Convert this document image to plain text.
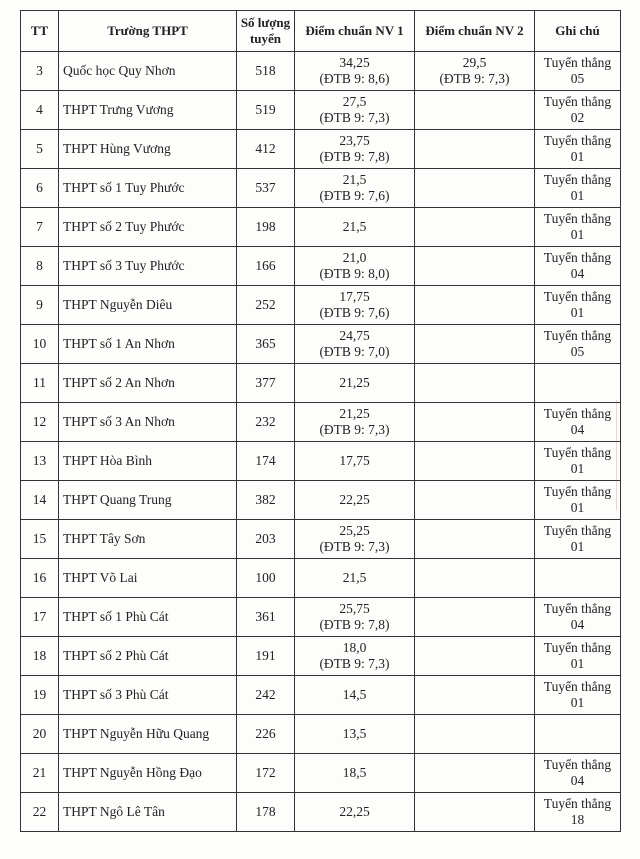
TT	Trường THPT	Số lượng
tuyển	Điểm chuẩn NV 1	Điểm chuẩn NV 2	Ghi chú

3	Quốc học Quy Nhơn	518	34,25
(ĐTB 9: 8,6)	29,5
(ĐTB 9: 7,3)	Tuyển thẳng
05

4	THPT Trưng Vương	519	27,5
(ĐTB 9: 7,3)		Tuyển thẳng
02

5	THPT Hùng Vương	412	23,75
(ĐTB 9: 7,8)		Tuyển thẳng
01

6	THPT số 1 Tuy Phước	537	21,5
(ĐTB 9: 7,6)		Tuyển thẳng
01

7	THPT số 2 Tuy Phước	198	21,5		Tuyển thẳng
01

8	THPT số 3 Tuy Phước	166	21,0
(ĐTB 9: 8,0)		Tuyển thẳng
04

9	THPT Nguyễn Diêu	252	17,75
(ĐTB 9: 7,6)		Tuyển thẳng
01

10	THPT số 1 An Nhơn	365	24,75
(ĐTB 9: 7,0)		Tuyển thẳng
05

11	THPT số 2 An Nhơn	377	21,25		

12	THPT số 3 An Nhơn	232	21,25
(ĐTB 9: 7,3)		Tuyển thẳng
04

13	THPT Hòa Bình	174	17,75		Tuyển thẳng
01

14	THPT Quang Trung	382	22,25		Tuyển thẳng
01

15	THPT Tây Sơn	203	25,25
(ĐTB 9: 7,3)		Tuyển thẳng
01

16	THPT Võ Lai	100	21,5		

17	THPT số 1 Phù Cát	361	25,75
(ĐTB 9: 7,8)		Tuyển thẳng
04

18	THPT số 2 Phù Cát	191	18,0
(ĐTB 9: 7,3)		Tuyển thẳng
01

19	THPT số 3 Phù Cát	242	14,5		Tuyển thẳng
01

20	THPT Nguyễn Hữu Quang	226	13,5		

21	THPT Nguyễn Hồng Đạo	172	18,5		Tuyển thẳng
04

22	THPT Ngô Lê Tân	178	22,25		Tuyển thẳng
18
